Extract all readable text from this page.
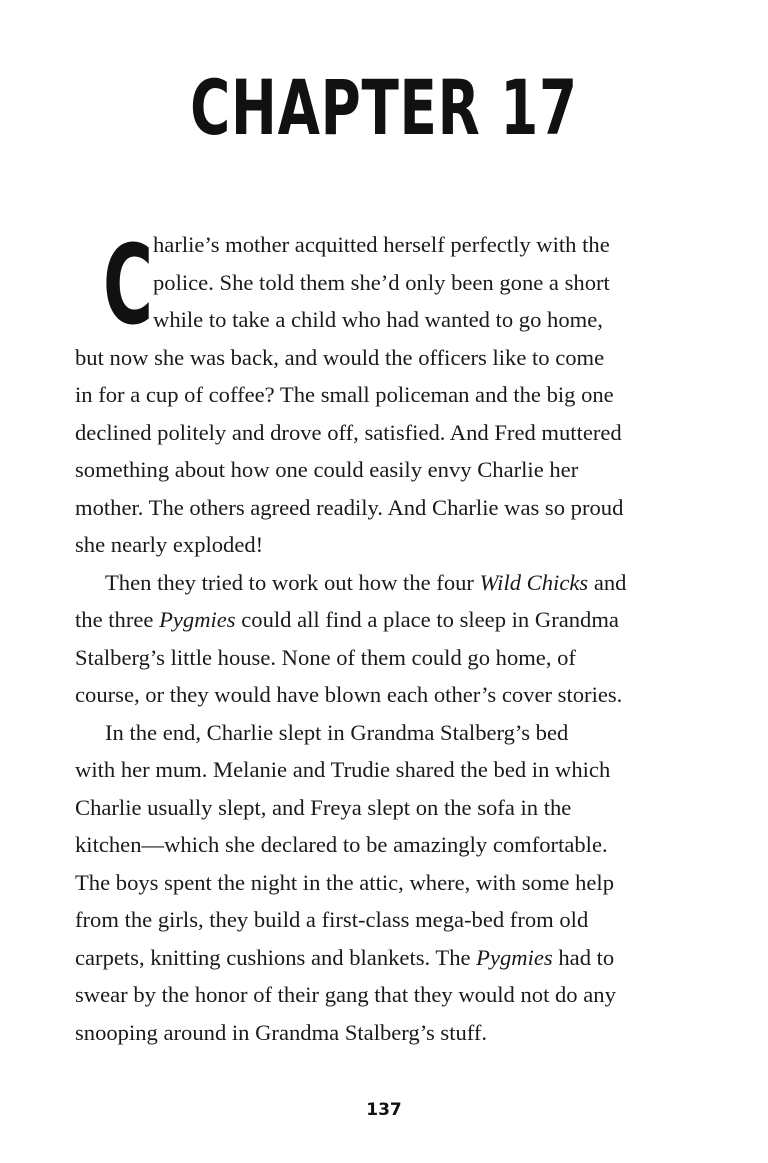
CHAPTER 17
C harlie’s mother acquitted herself perfectly with the
police. She told them she’d only been gone a short
while to take a child who had wanted to go home,
but now she was back, and would the officers like to come
in for a cup of coffee? The small policeman and the big one
declined politely and drove off, satisfied. And Fred muttered
something about how one could easily envy Charlie her
mother. The others agreed readily. And Charlie was so proud
she nearly exploded!
Then they tried to work out how the four Wild Chicks and
the three Pygmies could all find a place to sleep in Grandma
Stalberg’s little house. None of them could go home, of
course, or they would have blown each other’s cover stories.
In the end, Charlie slept in Grandma Stalberg’s bed
with her mum. Melanie and Trudie shared the bed in which
Charlie usually slept, and Freya slept on the sofa in the
kitchen—which she declared to be amazingly comfortable.
The boys spent the night in the attic, where, with some help
from the girls, they build a first-class mega-bed from old
carpets, knitting cushions and blankets. The Pygmies had to
swear by the honor of their gang that they would not do any
snooping around in Grandma Stalberg’s stuff.
137
